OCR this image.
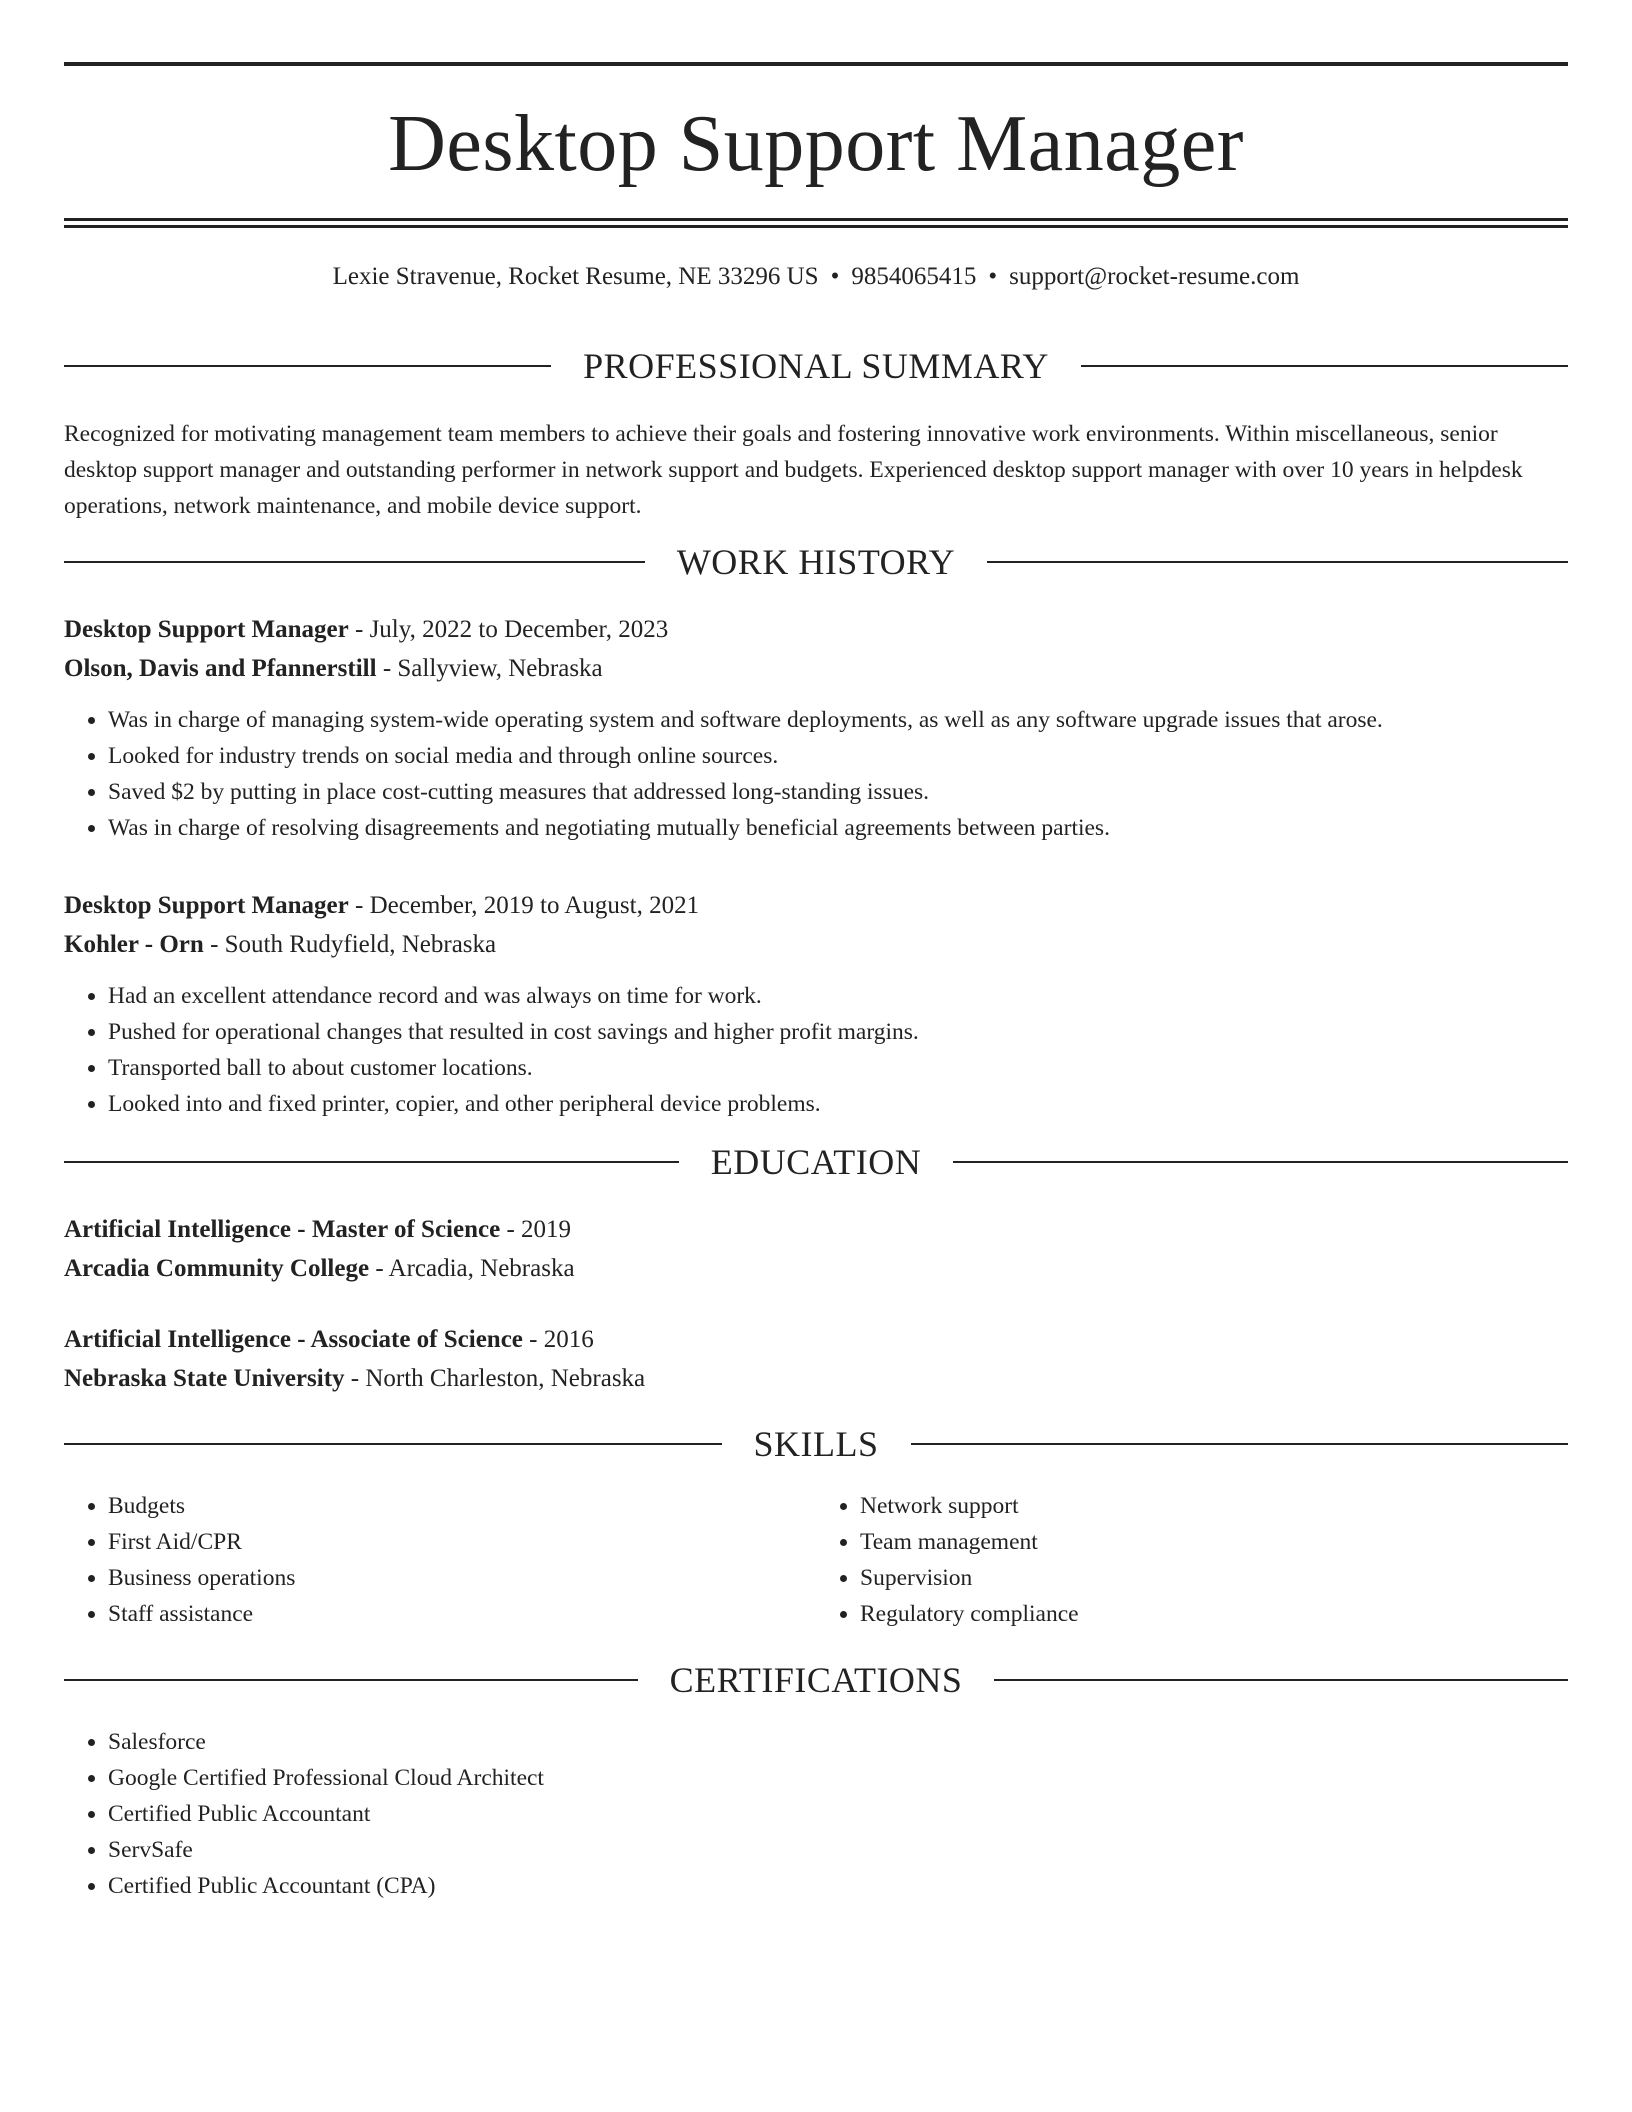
Desktop Support Manager
Lexie Stravenue, Rocket Resume, NE 33296 US • 9854065415 • support@rocket-resume.com
PROFESSIONAL SUMMARY
Recognized for motivating management team members to achieve their goals and fostering innovative work environments. Within miscellaneous, senior desktop support manager and outstanding performer in network support and budgets. Experienced desktop support manager with over 10 years in helpdesk operations, network maintenance, and mobile device support.
WORK HISTORY
Desktop Support Manager - July, 2022 to December, 2023
Olson, Davis and Pfannerstill - Sallyview, Nebraska
• Was in charge of managing system-wide operating system and software deployments, as well as any software upgrade issues that arose.
• Looked for industry trends on social media and through online sources.
• Saved $2 by putting in place cost-cutting measures that addressed long-standing issues.
• Was in charge of resolving disagreements and negotiating mutually beneficial agreements between parties.
Desktop Support Manager - December, 2019 to August, 2021
Kohler - Orn - South Rudyfield, Nebraska
• Had an excellent attendance record and was always on time for work.
• Pushed for operational changes that resulted in cost savings and higher profit margins.
• Transported ball to about customer locations.
• Looked into and fixed printer, copier, and other peripheral device problems.
EDUCATION
Artificial Intelligence - Master of Science - 2019
Arcadia Community College - Arcadia, Nebraska
Artificial Intelligence - Associate of Science - 2016
Nebraska State University - North Charleston, Nebraska
SKILLS
• Budgets
• First Aid/CPR
• Business operations
• Staff assistance
• Network support
• Team management
• Supervision
• Regulatory compliance
CERTIFICATIONS
• Salesforce
• Google Certified Professional Cloud Architect
• Certified Public Accountant
• ServSafe
• Certified Public Accountant (CPA)
